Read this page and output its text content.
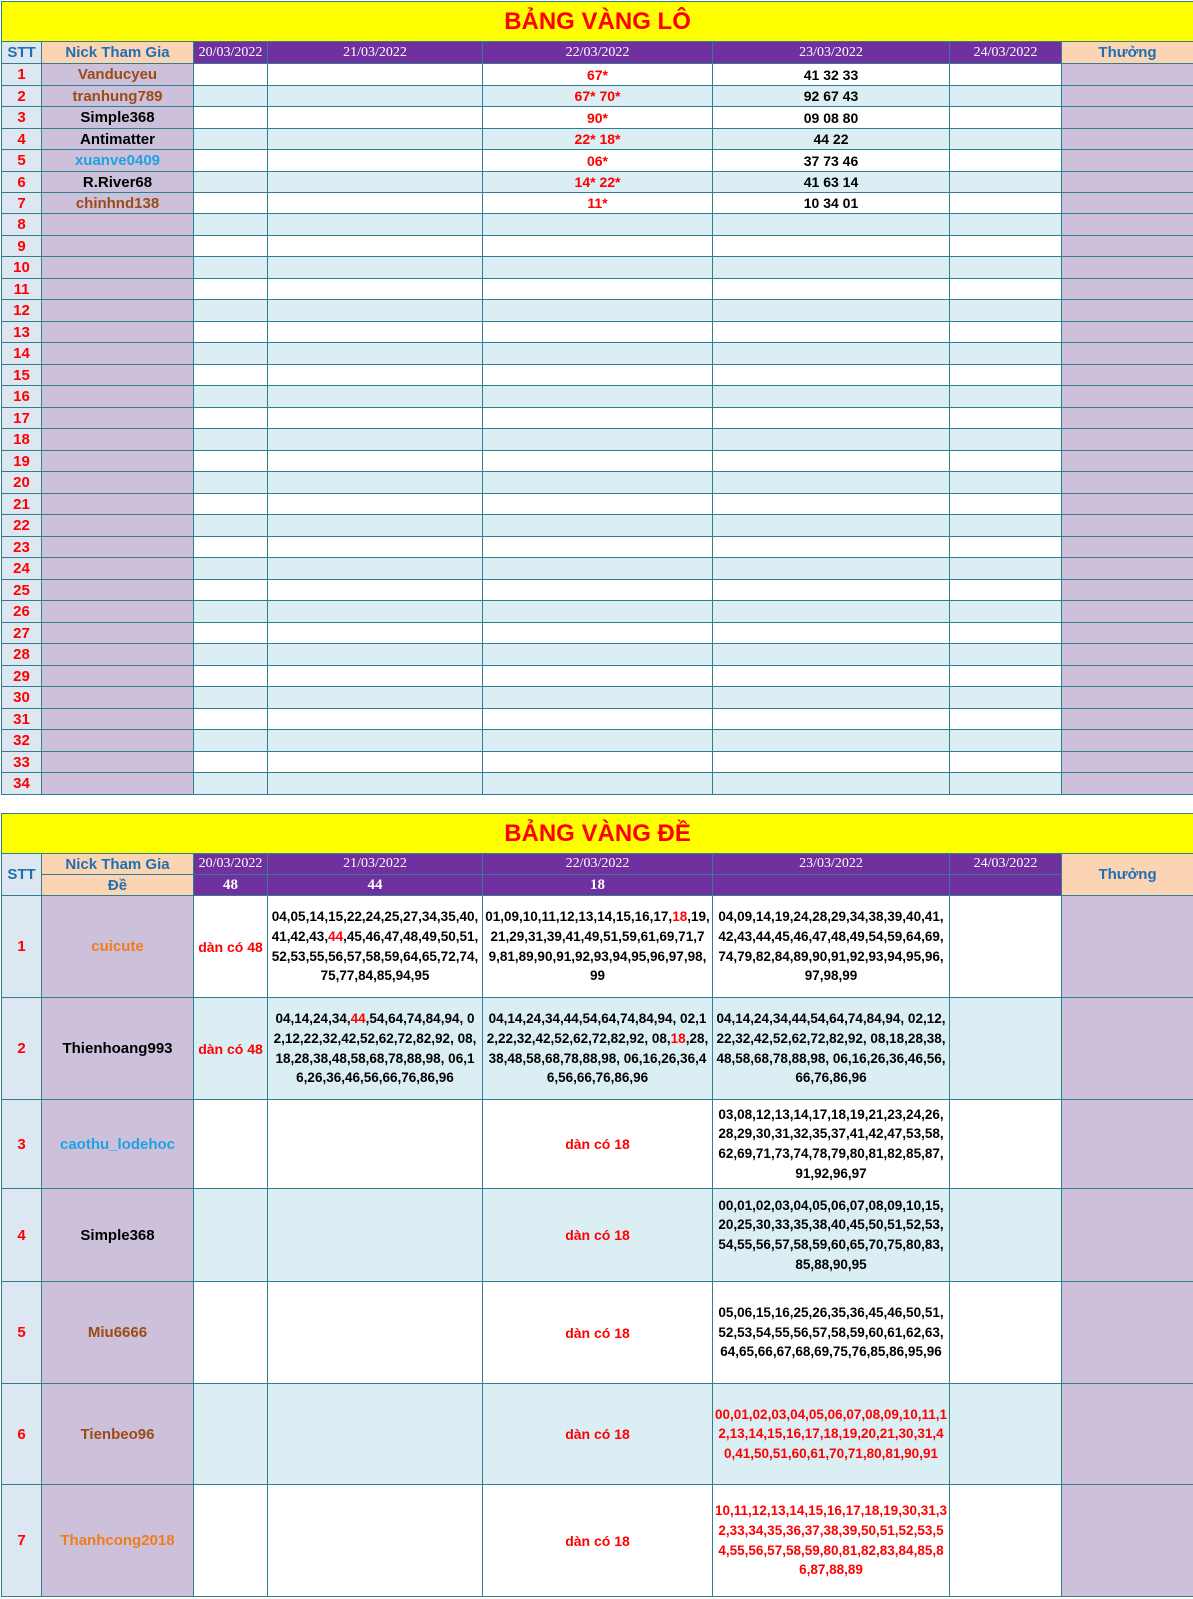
BẢNG VÀNG LÔ							
STT	Nick Tham Gia	20/03/2022	21/03/2022	22/03/2022	23/03/2022	24/03/2022	Thưởng
1	Vanducyeu			67*	41 32 33		
2	tranhung789			67* 70*	92 67 43		
3	Simple368			90*	09 08 80		
4	Antimatter			22* 18*	44 22		
5	xuanve0409			06*	37 73 46		
6	R.River68			14* 22*	41 63 14		
7	chinhnd138			11*	10 34 01		
8							
9							
10							
11							
12							
13							
14							
15							
16							
17							
18							
19							
20							
21							
22							
23							
24							
25							
26							
27							
28							
29							
30							
31							
32							
33							
34							
BẢNG VÀNG ĐỀ							
STT	Nick Tham Gia	20/03/2022	21/03/2022	22/03/2022	23/03/2022	24/03/2022	Thưởng
	Đề	48	44	18			
1	cuicute	dàn có 48	04,05,14,15,22,24,25,27,34,35,40,41,42,43,44,45,46,47,48,49,50,51,52,53,55,56,57,58,59,64,65,72,74,75,77,84,85,94,95	01,09,10,11,12,13,14,15,16,17,18,19,21,29,31,39,41,49,51,59,61,69,71,79,81,89,90,91,92,93,94,95,96,97,98,99	04,09,14,19,24,28,29,34,38,39,40,41,42,43,44,45,46,47,48,49,54,59,64,69,74,79,82,84,89,90,91,92,93,94,95,96,97,98,99		
2	Thienhoang993	dàn có 48	04,14,24,34,44,54,64,74,84,94, 02,12,22,32,42,52,62,72,82,92, 08,18,28,38,48,58,68,78,88,98, 06,16,26,36,46,56,66,76,86,96	04,14,24,34,44,54,64,74,84,94, 02,12,22,32,42,52,62,72,82,92, 08,18,28,38,48,58,68,78,88,98, 06,16,26,36,46,56,66,76,86,96	04,14,24,34,44,54,64,74,84,94, 02,12,22,32,42,52,62,72,82,92, 08,18,28,38,48,58,68,78,88,98, 06,16,26,36,46,56,66,76,86,96		
3	caothu_lodehoc			dàn có 18	03,08,12,13,14,17,18,19,21,23,24,26,28,29,30,31,32,35,37,41,42,47,53,58,62,69,71,73,74,78,79,80,81,82,85,87,91,92,96,97		
4	Simple368			dàn có 18	00,01,02,03,04,05,06,07,08,09,10,15,20,25,30,33,35,38,40,45,50,51,52,53,54,55,56,57,58,59,60,65,70,75,80,83,85,88,90,95		
5	Miu6666			dàn có 18	05,06,15,16,25,26,35,36,45,46,50,51,52,53,54,55,56,57,58,59,60,61,62,63,64,65,66,67,68,69,75,76,85,86,95,96		
6	Tienbeo96			dàn có 18	00,01,02,03,04,05,06,07,08,09,10,11,12,13,14,15,16,17,18,19,20,21,30,31,40,41,50,51,60,61,70,71,80,81,90,91		
7	Thanhcong2018			dàn có 18	10,11,12,13,14,15,16,17,18,19,30,31,32,33,34,35,36,37,38,39,50,51,52,53,54,55,56,57,58,59,80,81,82,83,84,85,86,87,88,89		
